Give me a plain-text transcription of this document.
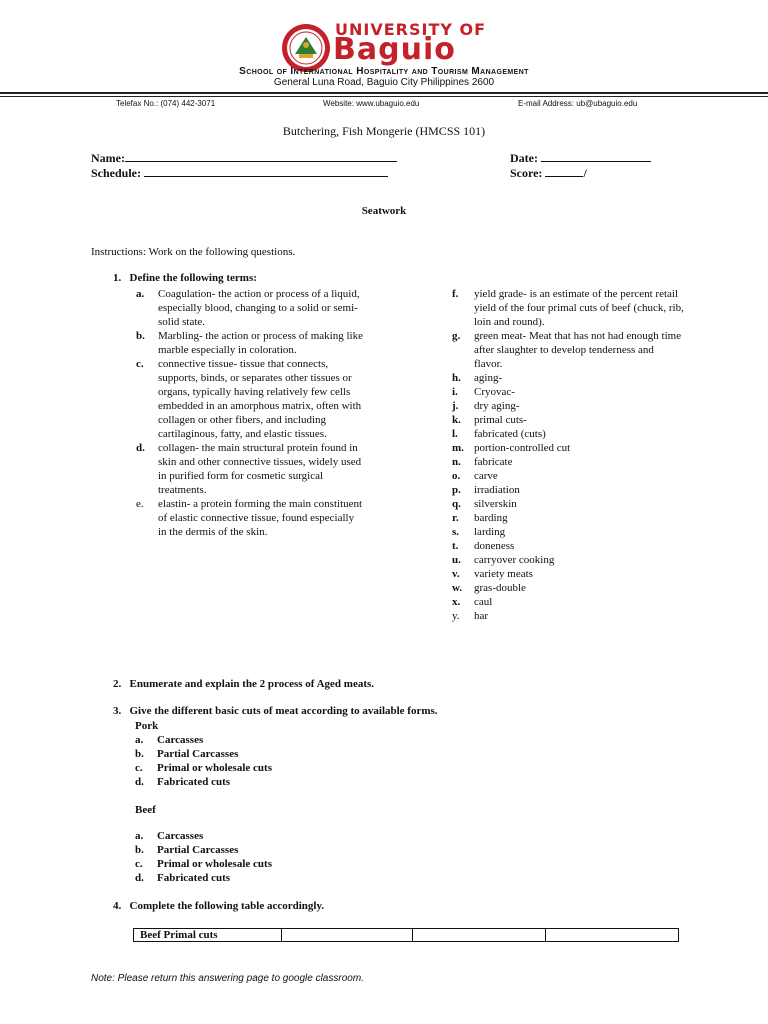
UNIVERSITY OF
Baguio
School of International Hospitality and Tourism Management
General Luna Road, Baguio City Philippines 2600
Telefax No.: (074) 442-3071	Website: www.ubaguio.edu	E-mail Address: ub@ubaguio.edu
Butchering, Fish Mongerie (HMCSS 101)
Name:	Date:
Schedule:	Score:	/
Seatwork
Instructions: Work on the following questions.
1. Define the following terms:
a. Coagulation- the action or process of a liquid, especially blood, changing to a solid or semi-solid state.
b. Marbling- the action or process of making like marble especially in coloration.
c. connective tissue- tissue that connects, supports, binds, or separates other tissues or organs, typically having relatively few cells embedded in an amorphous matrix, often with collagen or other fibers, and including cartilaginous, fatty, and elastic tissues.
d. collagen- the main structural protein found in skin and other connective tissues, widely used in purified form for cosmetic surgical treatments.
e. elastin- a protein forming the main constituent of elastic connective tissue, found especially in the dermis of the skin.
f. yield grade- is an estimate of the percent retail yield of the four primal cuts of beef (chuck, rib, loin and round).
g. green meat- Meat that has not had enough time after slaughter to develop tenderness and flavor.
h. aging-
i. Cryovac-
j. dry aging-
k. primal cuts-
l. fabricated (cuts)
m. portion-controlled cut
n. fabricate
o. carve
p. irradiation
q. silverskin
r. barding
s. larding
t. doneness
u. carryover cooking
v. variety meats
w. gras-double
x. caul
y. har
2. Enumerate and explain the 2 process of Aged meats.
3. Give the different basic cuts of meat according to available forms.
Pork
a. Carcasses
b. Partial Carcasses
c. Primal or wholesale cuts
d. Fabricated cuts
Beef
a. Carcasses
b. Partial Carcasses
c. Primal or wholesale cuts
d. Fabricated cuts
4. Complete the following table accordingly.
Beef Primal cuts			
Note: Please return this answering page to google classroom.
